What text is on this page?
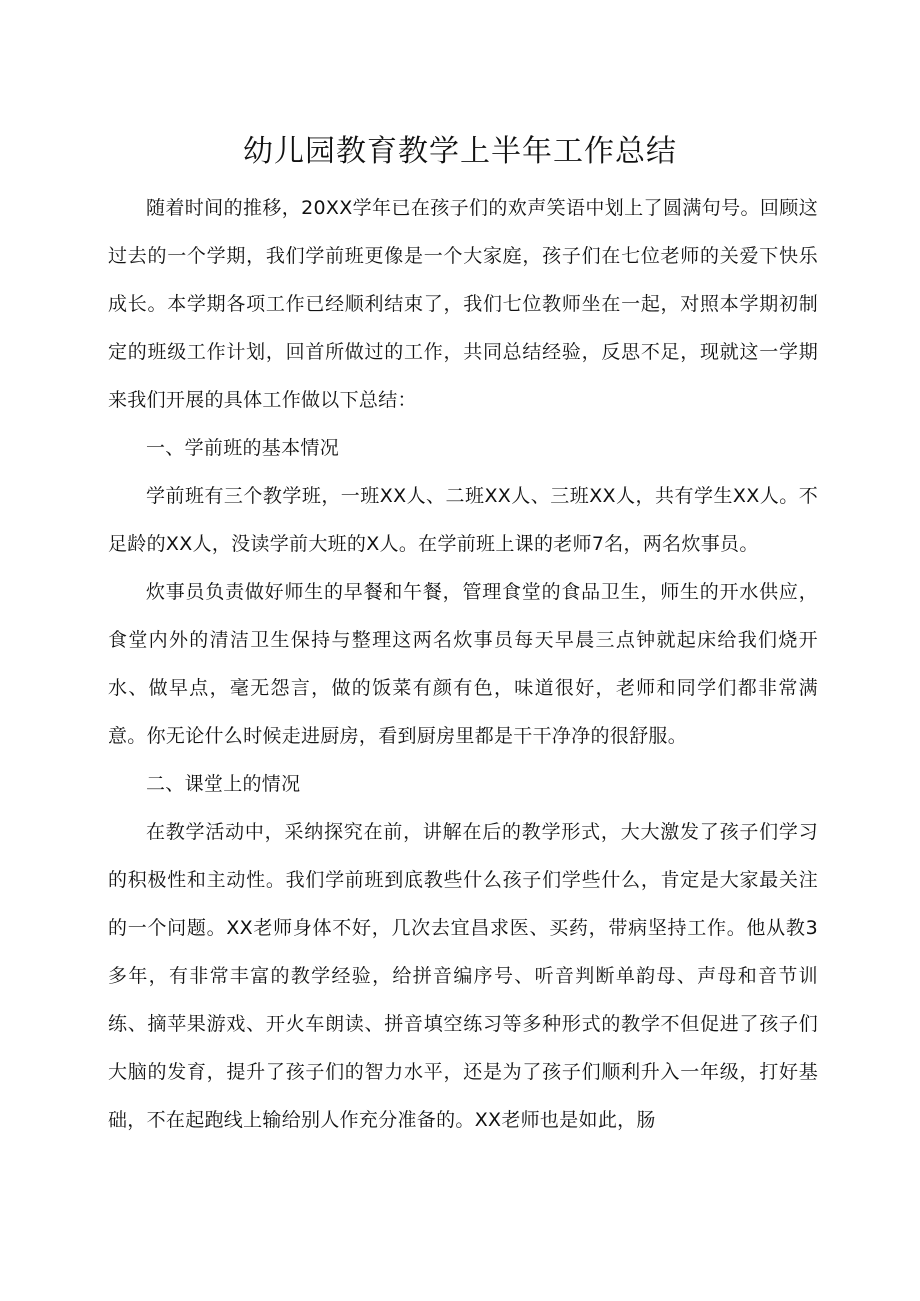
幼儿园教育教学上半年工作总结

随着时间的推移，20XX学年已在孩子们的欢声笑语中划上了圆满句号。回顾这过去的一个学期，我们学前班更像是一个大家庭，孩子们在七位老师的关爱下快乐成长。本学期各项工作已经顺利结束了，我们七位教师坐在一起，对照本学期初制定的班级工作计划，回首所做过的工作，共同总结经验，反思不足，现就这一学期来我们开展的具体工作做以下总结：

一、学前班的基本情况

学前班有三个教学班，一班XX人、二班XX人、三班XX人，共有学生XX人。不足龄的XX人，没读学前大班的X人。在学前班上课的老师7名，两名炊事员。

炊事员负责做好师生的早餐和午餐，管理食堂的食品卫生，师生的开水供应，食堂内外的清洁卫生保持与整理这两名炊事员每天早晨三点钟就起床给我们烧开水、做早点，毫无怨言，做的饭菜有颜有色，味道很好，老师和同学们都非常满意。你无论什么时候走进厨房，看到厨房里都是干干净净的很舒服。

二、课堂上的情况

在教学活动中，采纳探究在前，讲解在后的教学形式，大大激发了孩子们学习的积极性和主动性。我们学前班到底教些什么孩子们学些什么，肯定是大家最关注的一个问题。XX老师身体不好，几次去宜昌求医、买药，带病坚持工作。他从教3多年，有非常丰富的教学经验，给拼音编序号、听音判断单韵母、声母和音节训练、摘苹果游戏、开火车朗读、拼音填空练习等多种形式的教学不但促进了孩子们大脑的发育，提升了孩子们的智力水平，还是为了孩子们顺利升入一年级，打好基础，不在起跑线上输给别人作充分准备的。XX老师也是如此，肠
